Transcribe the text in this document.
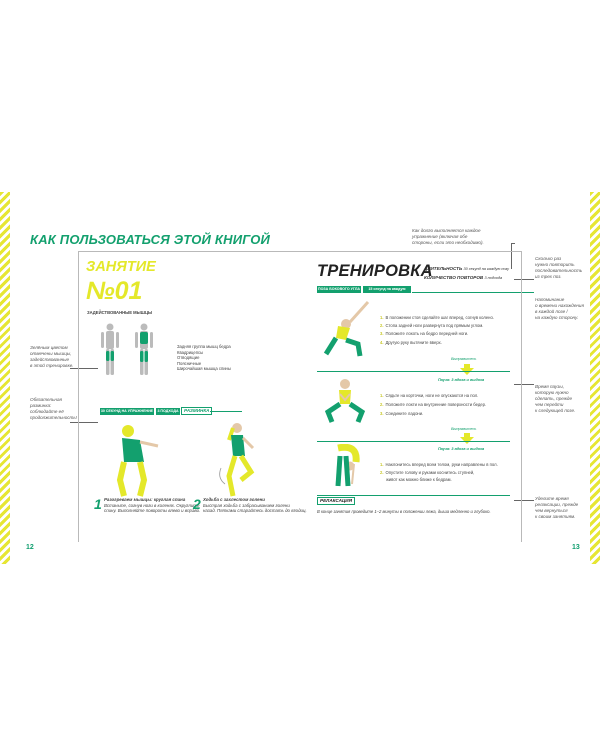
12	13
КАК ПОЛЬЗОВАТЬСЯ ЭТОЙ КНИГОЙ
Зелёным цветом
отмечены мышцы,
задействованные
в этой тренировке.
Обязательная
разминка:
соблюдайте её
продолжительность!
Как долго выполняется каждое
упражнение (включая обе
стороны, если это необходимо).
Сколько раз
нужно повторить
последовательность
из трех поз.
Напоминание
о времени нахождения
в каждой позе /
на каждую сторону.
Время паузы,
которую нужно
сделать, прежде
чем перейти
к следующей позе.
Уделите время
релаксации, прежде
чем вернуться
к своим занятиям.
ЗАНЯТИЕ
№01
ЗАДЕЙСТВОВАННЫЕ МЫШЦЫ
Задняя группа мышц бедра
Квадрицепсы
Отводящие
Поясничные
Широчайшая мышца спины
30 СЕКУНД НА УПРАЖНЕНИЕ	3 ПОДХОДА	РАЗМИНКА
1 Разогреваем мышцы: круглая спина
Встаньте, согнув ноги в коленях. Округлите
спину. Выполняйте повороты влево и вправо.
2 Ходьба с захлестом голени
Быстрая ходьба с забрасыванием голени
назад. Пятками старайтесь достать до ягодиц.
ТРЕНИРОВКА
ДЛИТЕЛЬНОСТЬ 30 секунд на каждую позу
КОЛИЧЕСТВО ПОВТОРОВ 3 подхода
ПОЗА БОКОВОГО УГЛА	15 секунд на каждую сторону
1. В положении стоя сделайте шаг вперед, согнув колено.
2. Стопа задней ноги развернута под прямым углом.
3. Положите локоть на бедро передней ноги.
4. Другую руку вытяните вверх.
Выпрямитесь
Пауза: 3 вдоха и выдоха
1. Сядьте на корточки, ноги не опускаются на пол.
2. Положите локти на внутренние поверхности бедер.
3. Соедините ладони.
Выпрямитесь
Пауза: 3 вдоха и выдоха
1. Наклонитесь вперед всем телом, руки направлены в пол.
2. Опустите голову и руками коснитесь ступней,
живот как можно ближе к бедрам.
РЕЛАКСАЦИЯ
В конце занятия проведите 1–2 минуты в положении лежа, дыша медленно и глубоко.
